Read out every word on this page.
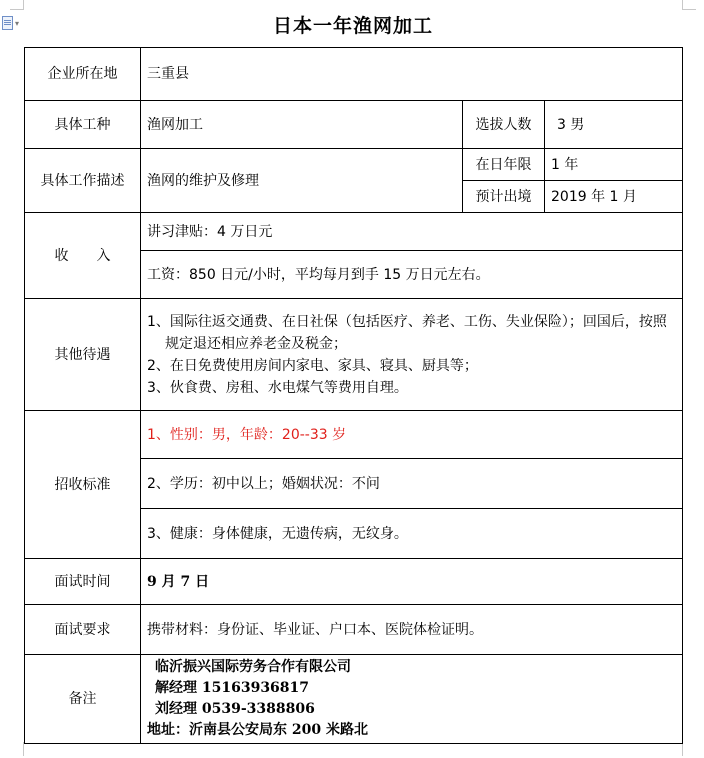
▾	日本一年渔网加工
企业所在地	三重县		
具体工种	渔网加工	选拔人数	3 男
具体工作描述	渔网的维护及修理	在日年限	1 年
		预计出境	2019 年 1 月
收　　入	讲习津贴：4 万日元		
	工资：850 日元/小时，平均每月到手 15 万日元左右。		
其他待遇	1、国际往返交通费、在日社保（包括医疗、养老、工伤、失业保险）；回国后，按照规定退还相应养老金及税金；
2、在日免费使用房间内家电、家具、寝具、厨具等；
3、伙食费、房租、水电煤气等费用自理。		

招收标准	1、性别：男，年龄：20--33 岁		
	2、学历：初中以上；婚姻状况：不问		
	3、健康：身体健康，无遗传病，无纹身。		
面试时间	9 月 7 日		
面试要求	携带材料：身份证、毕业证、户口本、医院体检证明。		
备注	临沂振兴国际劳务合作有限公司
解经理 15163936817
刘经理 0539-3388806
地址：沂南县公安局东 200 米路北		
